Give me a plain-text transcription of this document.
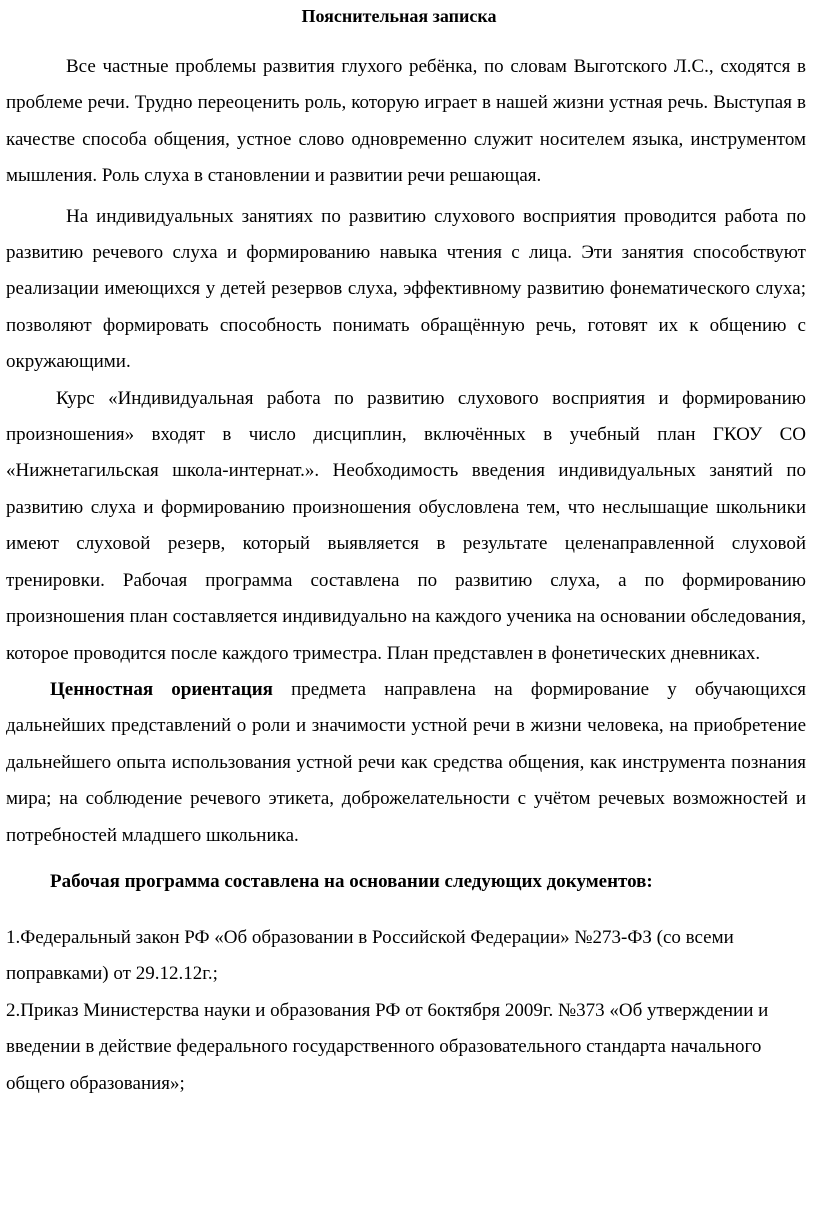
Пояснительная записка

Все частные проблемы развития глухого ребёнка, по словам Выготского Л.С., сходятся в проблеме речи. Трудно переоценить роль, которую играет в нашей жизни устная речь. Выступая в качестве способа общения, устное слово одновременно служит носителем языка, инструментом мышления. Роль слуха в становлении и развитии речи решающая.

На индивидуальных занятиях по развитию слухового восприятия проводится работа по развитию речевого слуха и формированию навыка чтения с лица. Эти занятия способствуют реализации имеющихся у детей резервов слуха, эффективному развитию фонематического слуха; позволяют формировать способность понимать обращённую речь, готовят их к общению с окружающими.

Курс «Индивидуальная работа по развитию слухового восприятия и формированию произношения» входят в число дисциплин, включённых в учебный план ГКОУ СО «Нижнетагильская школа-интернат.». Необходимость введения индивидуальных занятий по развитию слуха и формированию произношения обусловлена тем, что неслышащие школьники имеют слуховой резерв, который выявляется в результате целенаправленной слуховой тренировки. Рабочая программа составлена по развитию слуха, а по формированию произношения план составляется индивидуально на каждого ученика на основании обследования, которое проводится после каждого триместра. План представлен в фонетических дневниках.

Ценностная ориентация предмета направлена на формирование у обучающихся дальнейших представлений о роли и значимости устной речи в жизни человека, на приобретение дальнейшего опыта использования устной речи как средства общения, как инструмента познания мира; на соблюдение речевого этикета, доброжелательности с учётом речевых возможностей и потребностей младшего школьника.

Рабочая программа составлена на основании следующих документов:

1.Федеральный закон РФ «Об образовании в Российской Федерации» №273-ФЗ (со всеми поправками) от 29.12.12г.;

2.Приказ Министерства науки и образования РФ от 6октября 2009г. №373 «Об утверждении и введении в действие федерального государственного образовательного стандарта начального общего образования»;
